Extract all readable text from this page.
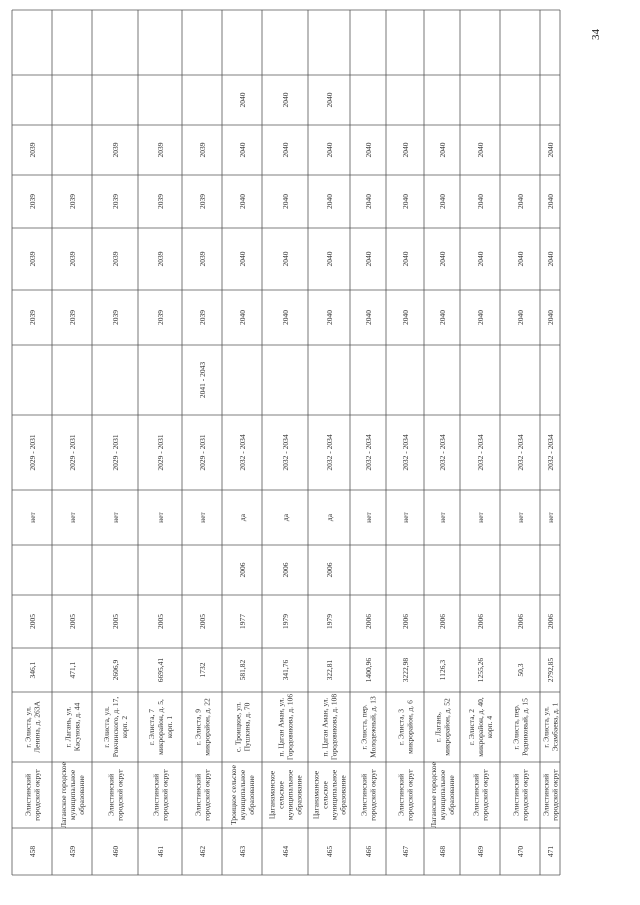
34
458
Элистинский городской округ
г. Элиста, ул. Ленина, д. 263А
346,1
2005
нет
2029 - 2031
2039
2039
2039
2039
459
Лаганское городское муниципальное образование
г. Лагань, ул. Касунова, д. 44
471,1
2005
нет
2029 - 2031
2039
2039
2039
460
Элистинский городской округ
г. Элиста, ул. Рокчинского, д. 17, корп. 2
2606,9
2005
нет
2029 - 2031
2039
2039
2039
2039
461
Элистинский городской округ
г. Элиста, 7 микрорайон, д. 5, корп. 1
6695,41
2005
нет
2029 - 2031
2039
2039
2039
2039
462
Элистинский городской округ
г. Элиста, 9 микрорайон, д. 22
1732
2005
нет
2029 - 2031
2041 - 2043
2039
2039
2039
2039
463
Троицкое сельское муниципальное образование
с. Троицкое, ул. Пушкина, д. 70
581,82
1977
2006
да
2032 - 2034
2040
2040
2040
2040
2040
464
Цаганаманское сельское муниципальное образование
п. Цаган Аман, ул. Городовикова, д. 106
341,76
1979
2006
да
2032 - 2034
2040
2040
2040
2040
2040
465
Цаганаманское сельское муниципальное образование
п. Цаган Аман, ул. Городовикова, д. 108
322,81
1979
2006
да
2032 - 2034
2040
2040
2040
2040
2040
466
Элистинский городской округ
г. Элиста, пер. Молодежный, д. 13
1400,96
2006
нет
2032 - 2034
2040
2040
2040
2040
467
Элистинский городской округ
г. Элиста, 3 микрорайон, д. 6
3222,98
2006
нет
2032 - 2034
2040
2040
2040
2040
468
Лаганское городское муниципальное образование
г. Лагань, микрорайон, д. 52
1126,3
2006
нет
2032 - 2034
2040
2040
2040
2040
469
Элистинский городской округ
г. Элиста, 2 микрорайон, д. 40, корп. 4
1255,26
2006
нет
2032 - 2034
2040
2040
2040
2040
470
Элистинский городской округ
г. Элиста, пер. Родниковый, д. 15
50,3
2006
нет
2032 - 2034
2040
2040
2040
471
Элистинский городской округ
г. Элиста, ул. Эсамбаева, д. 1
2792,85
2006
нет
2032 - 2034
2040
2040
2040
2040
